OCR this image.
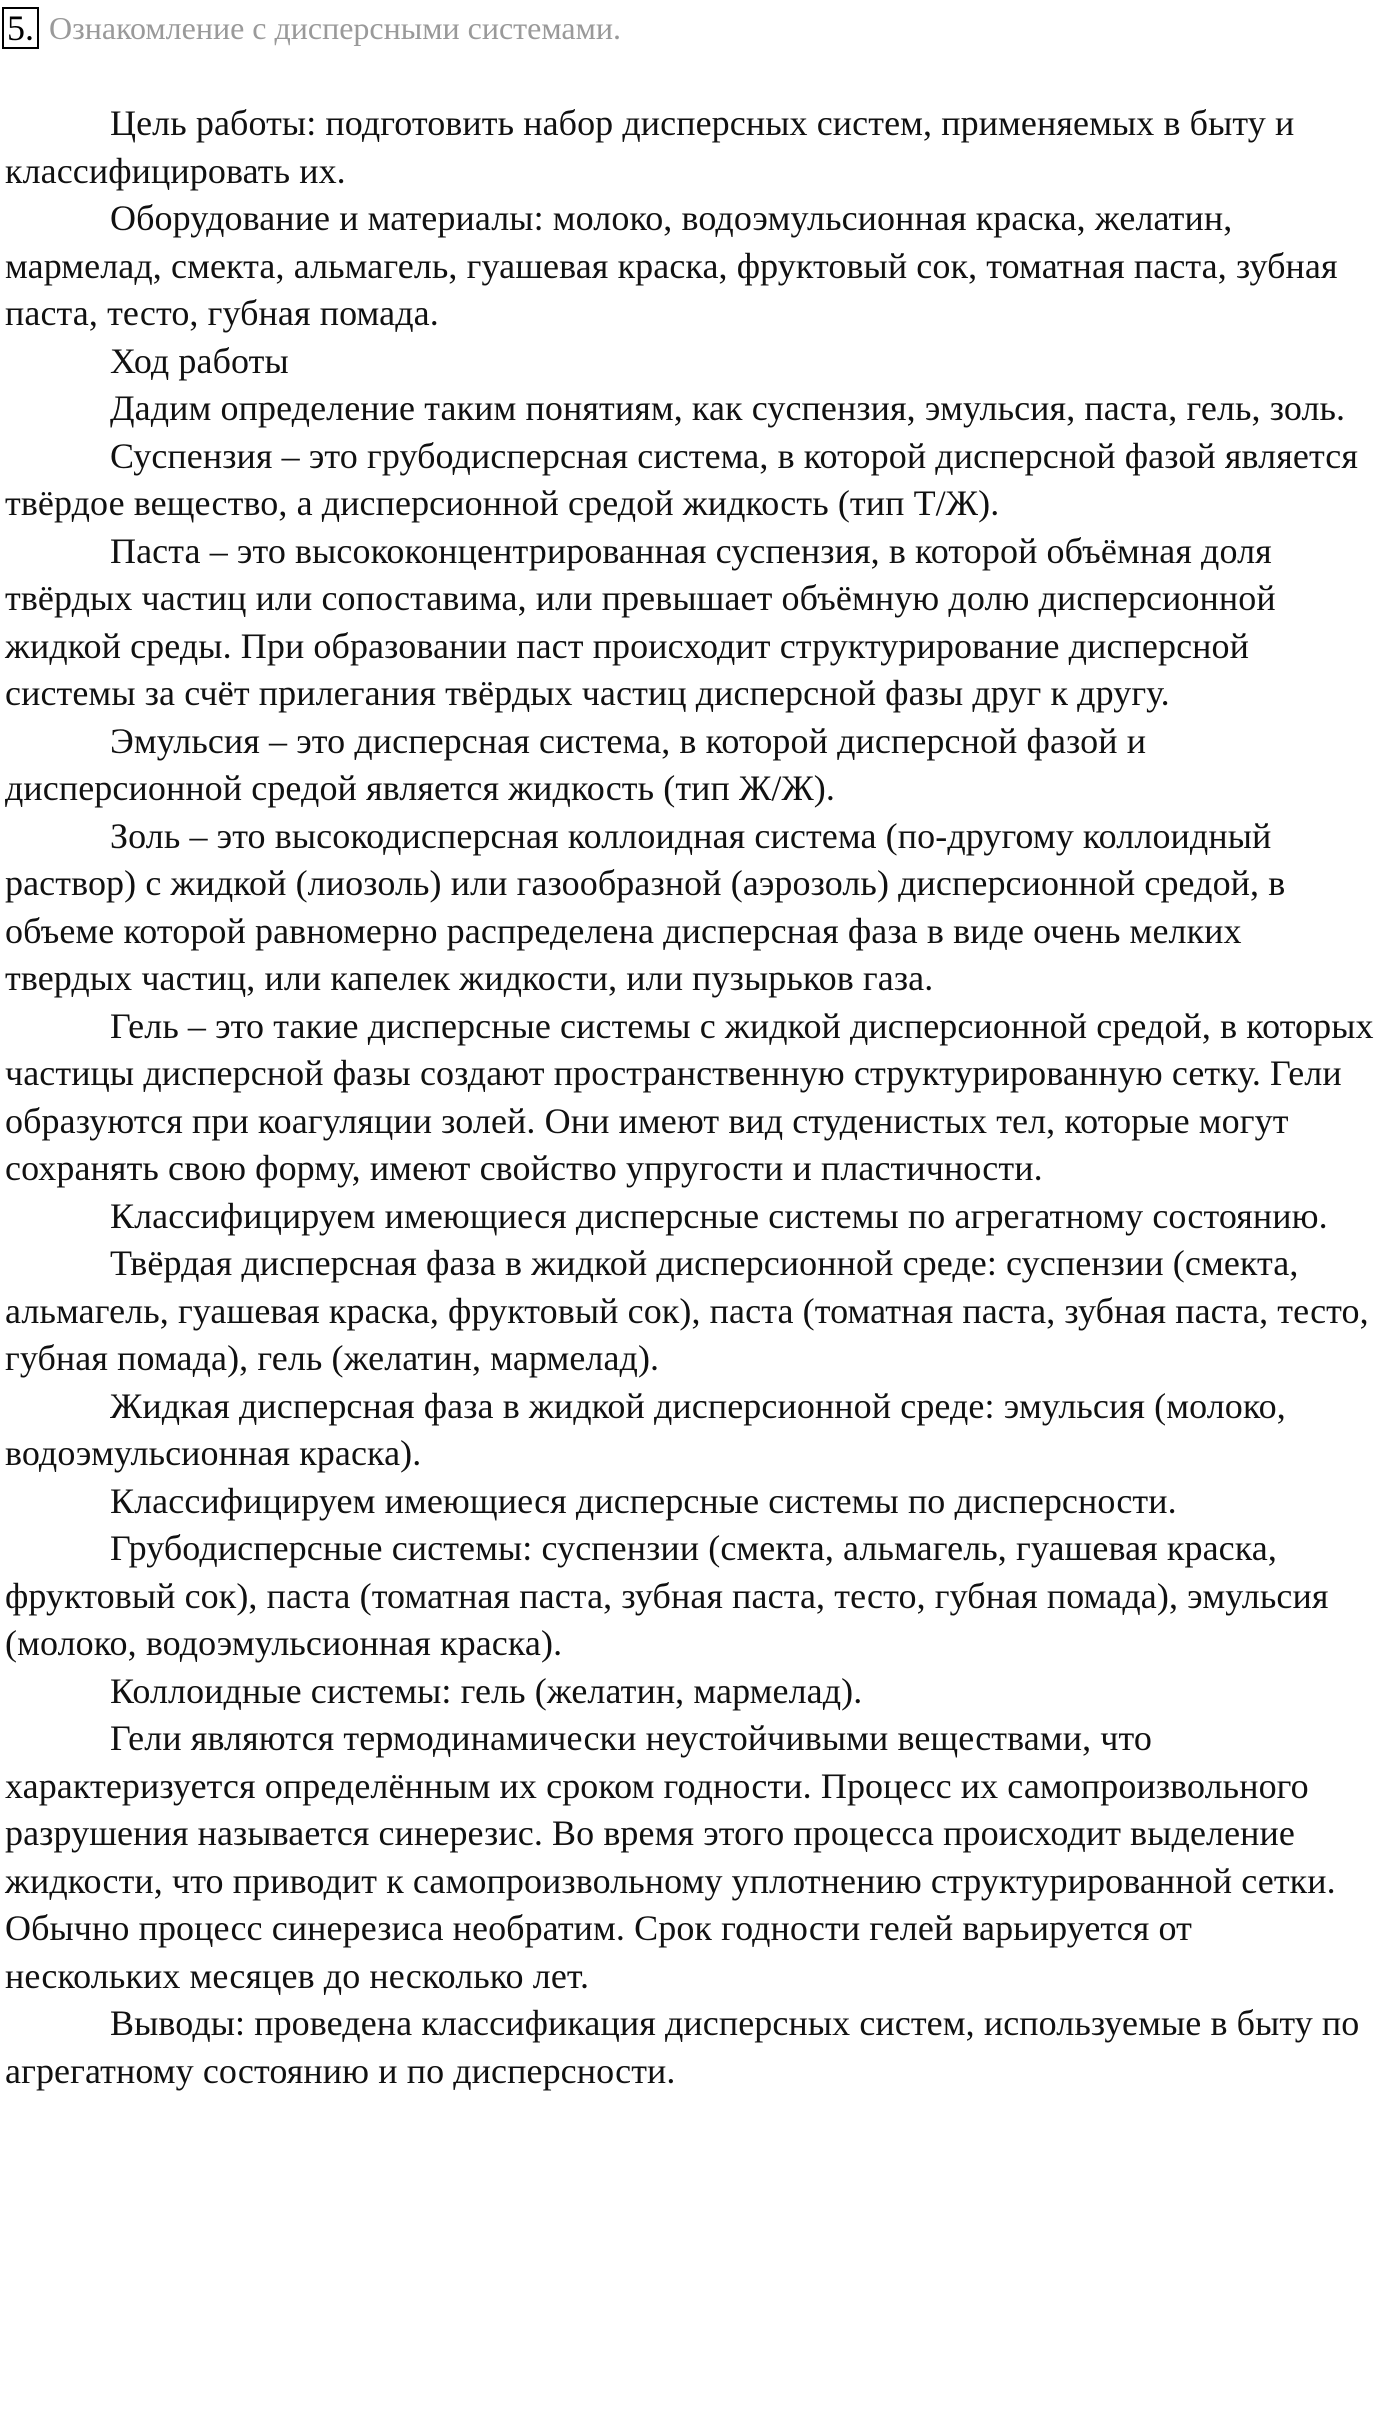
5. Ознакомление с дисперсными системами.

Цель работы: подготовить набор дисперсных систем, применяемых в быту и классифицировать их.

Оборудование и материалы: молоко, водоэмульсионная краска, желатин, мармелад, смекта, альмагель, гуашевая краска, фруктовый сок, томатная паста, зубная паста, тесто, губная помада.

Ход работы

Дадим определение таким понятиям, как суспензия, эмульсия, паста, гель, золь.

Суспензия – это грубодисперсная система, в которой дисперсной фазой является твёрдое вещество, а дисперсионной средой жидкость (тип Т/Ж).

Паста – это высококонцентрированная суспензия, в которой объёмная доля твёрдых частиц или сопоставима, или превышает объёмную долю дисперсионной жидкой среды. При образовании паст происходит структурирование дисперсной системы за счёт прилегания твёрдых частиц дисперсной фазы друг к другу.

Эмульсия – это дисперсная система, в которой дисперсной фазой и дисперсионной средой является жидкость (тип Ж/Ж).

Золь – это высокодисперсная коллоидная система (по-другому коллоидный раствор) с жидкой (лиозоль) или газообразной (аэрозоль) дисперсионной средой, в объеме которой равномерно распределена дисперсная фаза в виде очень мелких твердых частиц, или капелек жидкости, или пузырьков газа.

Гель – это такие дисперсные системы с жидкой дисперсионной средой, в которых частицы дисперсной фазы создают пространственную структурированную сетку. Гели образуются при коагуляции золей. Они имеют вид студенистых тел, которые могут сохранять свою форму, имеют свойство упругости и пластичности.

Классифицируем имеющиеся дисперсные системы по агрегатному состоянию.

Твёрдая дисперсная фаза в жидкой дисперсионной среде: суспензии (смекта, альмагель, гуашевая краска, фруктовый сок), паста (томатная паста, зубная паста, тесто, губная помада), гель (желатин, мармелад).

Жидкая дисперсная фаза в жидкой дисперсионной среде: эмульсия (молоко, водоэмульсионная краска).

Классифицируем имеющиеся дисперсные системы по дисперсности.

Грубодисперсные системы: суспензии (смекта, альмагель, гуашевая краска, фруктовый сок), паста (томатная паста, зубная паста, тесто, губная помада), эмульсия (молоко, водоэмульсионная краска).

Коллоидные системы: гель (желатин, мармелад).

Гели являются термодинамически неустойчивыми веществами, что характеризуется определённым их сроком годности. Процесс их самопроизвольного разрушения называется синерезис. Во время этого процесса происходит выделение жидкости, что приводит к самопроизвольному уплотнению структурированной сетки. Обычно процесс синерезиса необратим. Срок годности гелей варьируется от нескольких месяцев до несколько лет.

Выводы: проведена классификация дисперсных систем, используемые в быту по агрегатному состоянию и по дисперсности.
